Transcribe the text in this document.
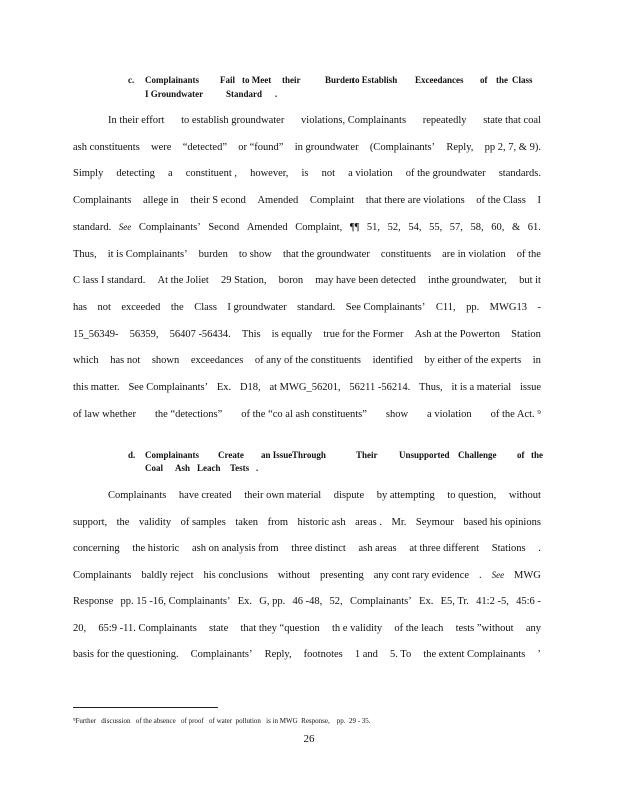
c. Complainants Fail to Meet their	Burden
to Establish Exceedances of the Class
I Groundwater	Standard .
In their effort to establish groundwater violations, Complainants repeatedly state that coal
ash constituents were “detected” or “found” in groundwater (Complainants’ Reply, pp 2, 7, & 9).
Simply detecting a constituent , however, is not a violation of the groundwater standards.
Complainants allege in their S econd Amended Complaint that there are violations of the Class I
standard. See Complainants’ Second Amended Complaint, ¶¶ 51, 52, 54, 55, 57, 58, 60, & 61.
Thus, it is Complainants’ burden to show that the groundwater constituents are in violation of the
C lass I standard. At the Joliet 29 Station, boron may have been detected inthe groundwater, but it
has not exceeded the Class I groundwater standard. See Complainants’ C11, pp. MWG13 -
15_56349- 56359, 56407 -56434. This is equally true for the Former Ash at the Powerton Station
which has not shown exceedances of any of the constituents identified by either of the experts in
this matter. See Complainants’ Ex. D18, at MWG_56201, 56211 -56214. Thus, it is a material issue
of law whether the “detections” of the “co al ash constituents” show a violation of the Act. ⁹
d. Complainants Create an Issue Through	Their Unsupported Challenge of the
Coal Ash Leach Tests .
Complainants have created their own material dispute by attempting to question, without
support, the validity of samples taken from historic ash areas . Mr. Seymour based his opinions
concerning the historic ash on analysis from three distinct ash areas at three different Stations .
Complainants baldly reject his conclusions without presenting any cont rary evidence . See MWG
Response pp. 15 -16, Complainants’ Ex. G, pp. 46 -48, 52, Complainants’ Ex. E5, Tr. 41:2 -5, 45:6 -
20, 65:9 -11. Complainants state that they “question th e validity of the leach tests ”without any
basis for the questioning. Complainants’ Reply, footnotes 1 and 5. To the extent Complainants ’
⁹Further   discussion   of the absence   of proof   of water  pollution   is in MWG  Response,    pp.  29 - 35.
26
